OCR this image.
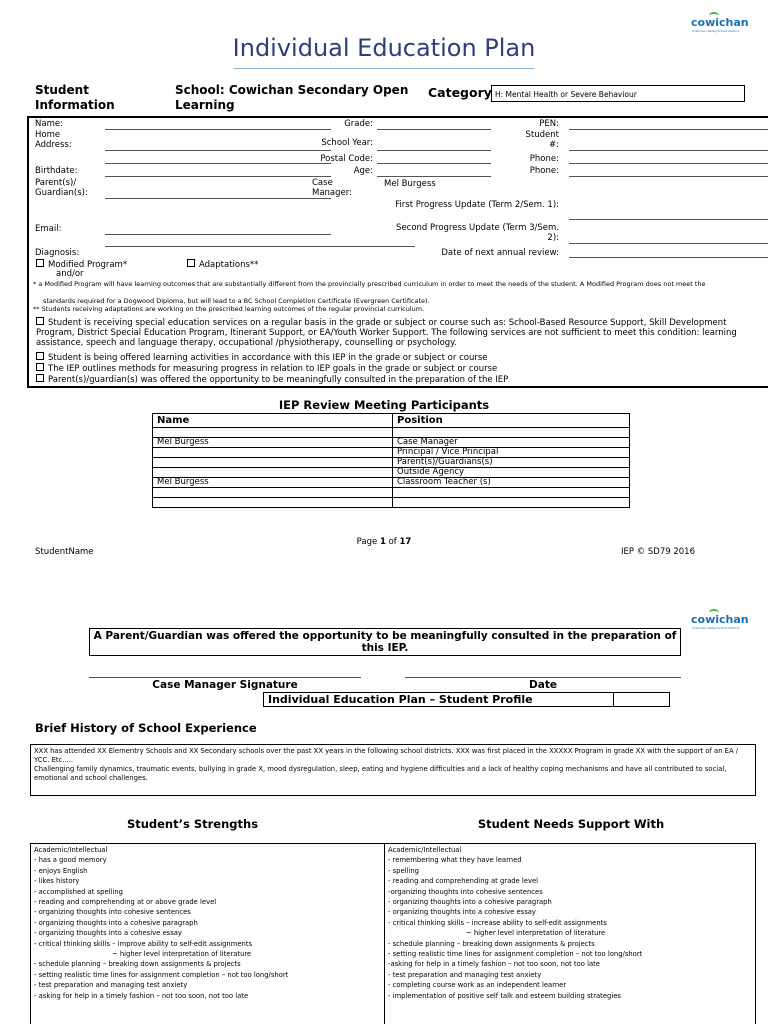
cowichan
Cowichan Valley School District
Individual Education Plan
Student Information
School: Cowichan Secondary Open Learning
Category H: Mental Health or Severe Behaviour
Name:	Grade:	PEN:
Home Address:	School Year:
Student #:
Postal Code:	Phone:
Birthdate:	Age:	Phone:
Parent(s)/ Guardian(s):
Case Manager:
Mel Burgess
First Progress Update (Term 2/Sem. 1):
Email:	Second Progress Update (Term 3/Sem. 2):
Diagnosis:	Date of next annual review:
Modified Program*
and/or
Adaptations**
* a Modified Program will have learning outcomes that are substantially different from the provincially prescribed curriculum in order to meet the needs of the student. A Modified Program does not meet the
standards required for a Dogwood Diploma, but will lead to a BC School Completion Certificate (Evergreen Certificate).
** Students receiving adaptations are working on the prescribed learning outcomes of the regular provincial curriculum.
Student is receiving special education services on a regular basis in the grade or subject or course such as: School-Based Resource Support, Skill Development Program, District Special Education Program, Itinerant Support, or EA/Youth Worker Support. The following services are not sufficient to meet this condition: learning assistance, speech and language therapy, occupational /physiotherapy, counselling or psychology.
Student is being offered learning activities in accordance with this IEP in the grade or subject or course
The IEP outlines methods for measuring progress in relation to IEP goals in the grade or subject or course
Parent(s)/guardian(s) was offered the opportunity to be meaningfully consulted in the preparation of the IEP
IEP Review Meeting Participants
Name	Position

Mel Burgess	Case Manager
	Principal / Vice Principal
	Parent(s)/Guardians(s)
	Outside Agency
Mel Burgess	Classroom Teacher (s)

Page 1 of 17
StudentName	IEP © SD79 2016
cowichan
Cowichan Valley School District
A Parent/Guardian was offered the opportunity to be meaningfully consulted in the preparation of this IEP.
Case Manager Signature	Date
Individual Education Plan – Student Profile
Brief History of School Experience
XXX has attended XX Elementry Schools and XX Secondary schools over the past XX years in the following school districts. XXX was first placed in the XXXXX Program in grade XX with the support of an EA / YCC. Etc.....
Challenging family dynamics, traumatic events, bullying in grade X, mood dysregulation, sleep, eating and hygiene difficulties and a lack of healthy coping mechanisms and have all contributed to social, emotional and school challenges.
Student’s Strengths	Student Needs Support With
Academic/Intellectual
- has a good memory
- enjoys English
- likes history
- accomplished at spelling
- reading and comprehending at or above grade level
- organizing thoughts into cohesive sentences
- organizing thoughts into a cohesive paragraph
- organizing thoughts into a cohesive essay
- critical thinking skills – improve ability to self-edit assignments
~ higher level interpretation of literature
- schedule planning – breaking down assignments & projects
- setting realistic time lines for assignment completion – not too long/short
- test preparation and managing test anxiety
- asking for help in a timely fashion – not too soon, not too late
Academic/Intellectual
- remembering what they have learned
- spelling
- reading and comprehending at grade level
-organizing thoughts into cohesive sentences
- organizing thoughts into a cohesive paragraph
- organizing thoughts into a cohesive essay
- critical thinking skills – increase ability to self-edit assignments
~ higher level interpretation of literature
- schedule planning – breaking down assignments & projects
- setting realistic time lines for assignment completion – not too long/short
-asking for help in a timely fashion – not too soon, not too late
- test preparation and managing test anxiety
- completing course work as an independent learner
- implementation of positive self talk and esteem building strategies
